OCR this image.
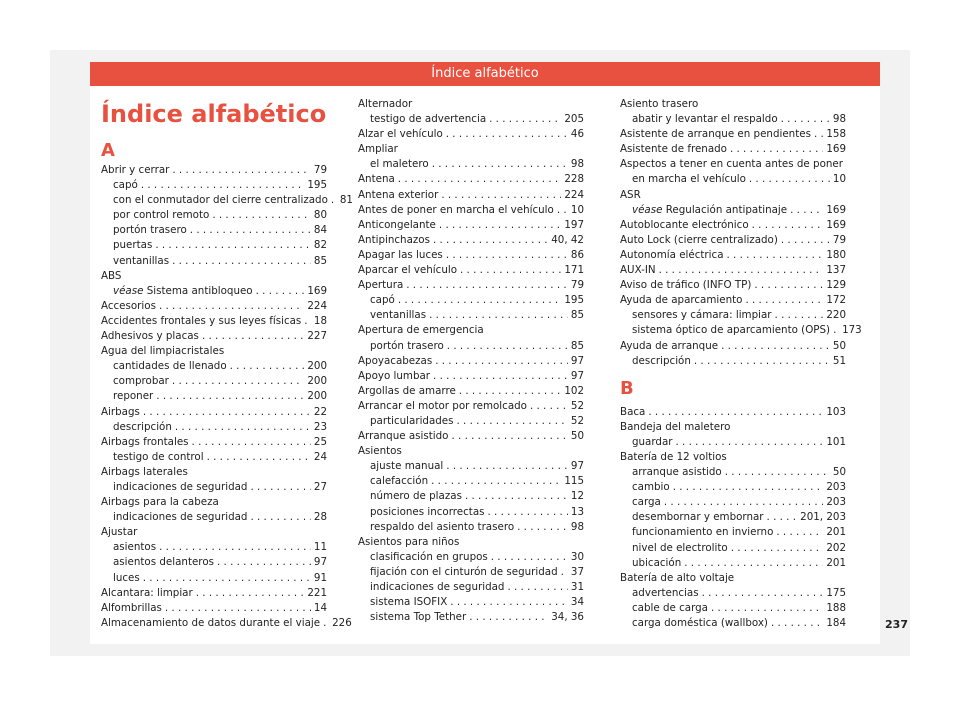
Índice alfabético
Índice alfabético
A
Abrir y cerrar . . .	79
capó . . .	195
con el conmutador del cierre centralizado . . . 81
por control remoto . . .	80
portón trasero . . .	84
puertas . . .	82
ventanillas . . .	85
ABS
véase Sistema antibloqueo . . .	169
Accesorios . . .	224
Accidentes frontales y sus leyes físicas . . . 18
Adhesivos y placas . . .	227
Agua del limpiacristales
cantidades de llenado . . .	200
comprobar . . .	200
reponer . . .	200
Airbags . . .	22
descripción . . .	23
Airbags frontales . . .	25
testigo de control . . .	24
Airbags laterales
indicaciones de seguridad . . .	27
Airbags para la cabeza
indicaciones de seguridad . . .	28
Ajustar
asientos . . .	11
asientos delanteros . . .	97
luces . . .	91
Alcantara: limpiar . . .	221
Alfombrillas . . .	14
Almacenamiento de datos durante el viaje . . . 226
Alternador
testigo de advertencia . . .	205
Alzar el vehículo . . .	46
Ampliar
el maletero . . .	98
Antena . . .	228
Antena exterior . . .	224
Antes de poner en marcha el vehículo . . . 10
Anticongelante . . .	197
Antipinchazos . . .	40, 42
Apagar las luces . . .	86
Aparcar el vehículo . . .	171
Apertura . . .	79
capó . . .	195
ventanillas . . .	85
Apertura de emergencia
portón trasero . . .	85
Apoyacabezas . . .	97
Apoyo lumbar . . .	97
Argollas de amarre . . .	102
Arrancar el motor por remolcado . . .	52
particularidades . . .	52
Arranque asistido . . .	50
Asientos
ajuste manual . . .	97
calefacción . . .	115
número de plazas . . .	12
posiciones incorrectas . . .	13
respaldo del asiento trasero . . .	98
Asientos para niños
clasificación en grupos . . .	30
fijación con el cinturón de seguridad . . . 37
indicaciones de seguridad . . .	31
sistema ISOFIX . . .	34
sistema Top Tether . . .	34, 36
Asiento trasero
abatir y levantar el respaldo . . .	98
Asistente de arranque en pendientes . . . 158
Asistente de frenado . . .	169
Aspectos a tener en cuenta antes de poner
en marcha el vehículo . . .	10
ASR
véase Regulación antipatinaje . . .	169
Autoblocante electrónico . . .	169
Auto Lock (cierre centralizado) . . .	79
Autonomía eléctrica . . .	180
AUX-IN . . .	137
Aviso de tráfico (INFO TP) . . .	129
Ayuda de aparcamiento . . .	172
sensores y cámara: limpiar . . .	220
sistema óptico de aparcamiento (OPS) . . . 173
Ayuda de arranque . . .	50
descripción . . .	51
B
Baca . . .	103
Bandeja del maletero
guardar . . .	101
Batería de 12 voltios
arranque asistido . . .	50
cambio . . .	203
carga . . .	203
desembornar y embornar . . .	201, 203
funcionamiento en invierno . . .	201
nivel de electrolito . . .	202
ubicación . . .	201
Batería de alto voltaje
advertencias . . .	175
cable de carga . . .	188
carga doméstica (wallbox) . . .	184	237
